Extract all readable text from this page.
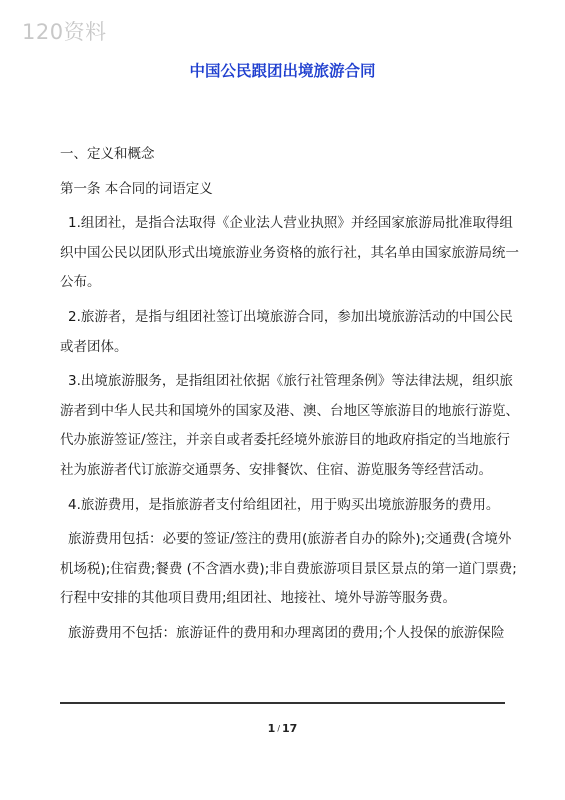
120资料
中国公民跟团出境旅游合同

一、定义和概念

第一条 本合同的词语定义

1.组团社，是指合法取得《企业法人营业执照》并经国家旅游局批准取得组织中国公民以团队形式出境旅游业务资格的旅行社，其名单由国家旅游局统一公布。

2.旅游者，是指与组团社签订出境旅游合同，参加出境旅游活动的中国公民或者团体。

3.出境旅游服务，是指组团社依据《旅行社管理条例》等法律法规，组织旅游者到中华人民共和国境外的国家及港、澳、台地区等旅游目的地旅行游览、代办旅游签证/签注，并亲自或者委托经境外旅游目的地政府指定的当地旅行社为旅游者代订旅游交通票务、安排餐饮、住宿、游览服务等经营活动。

4.旅游费用，是指旅游者支付给组团社，用于购买出境旅游服务的费用。

旅游费用包括：必要的签证/签注的费用(旅游者自办的除外);交通费(含境外机场税);住宿费;餐费 (不含酒水费);非自费旅游项目景区景点的第一道门票费;行程中安排的其他项目费用;组团社、地接社、境外导游等服务费。

旅游费用不包括：旅游证件的费用和办理离团的费用;个人投保的旅游保险

1 / 17
